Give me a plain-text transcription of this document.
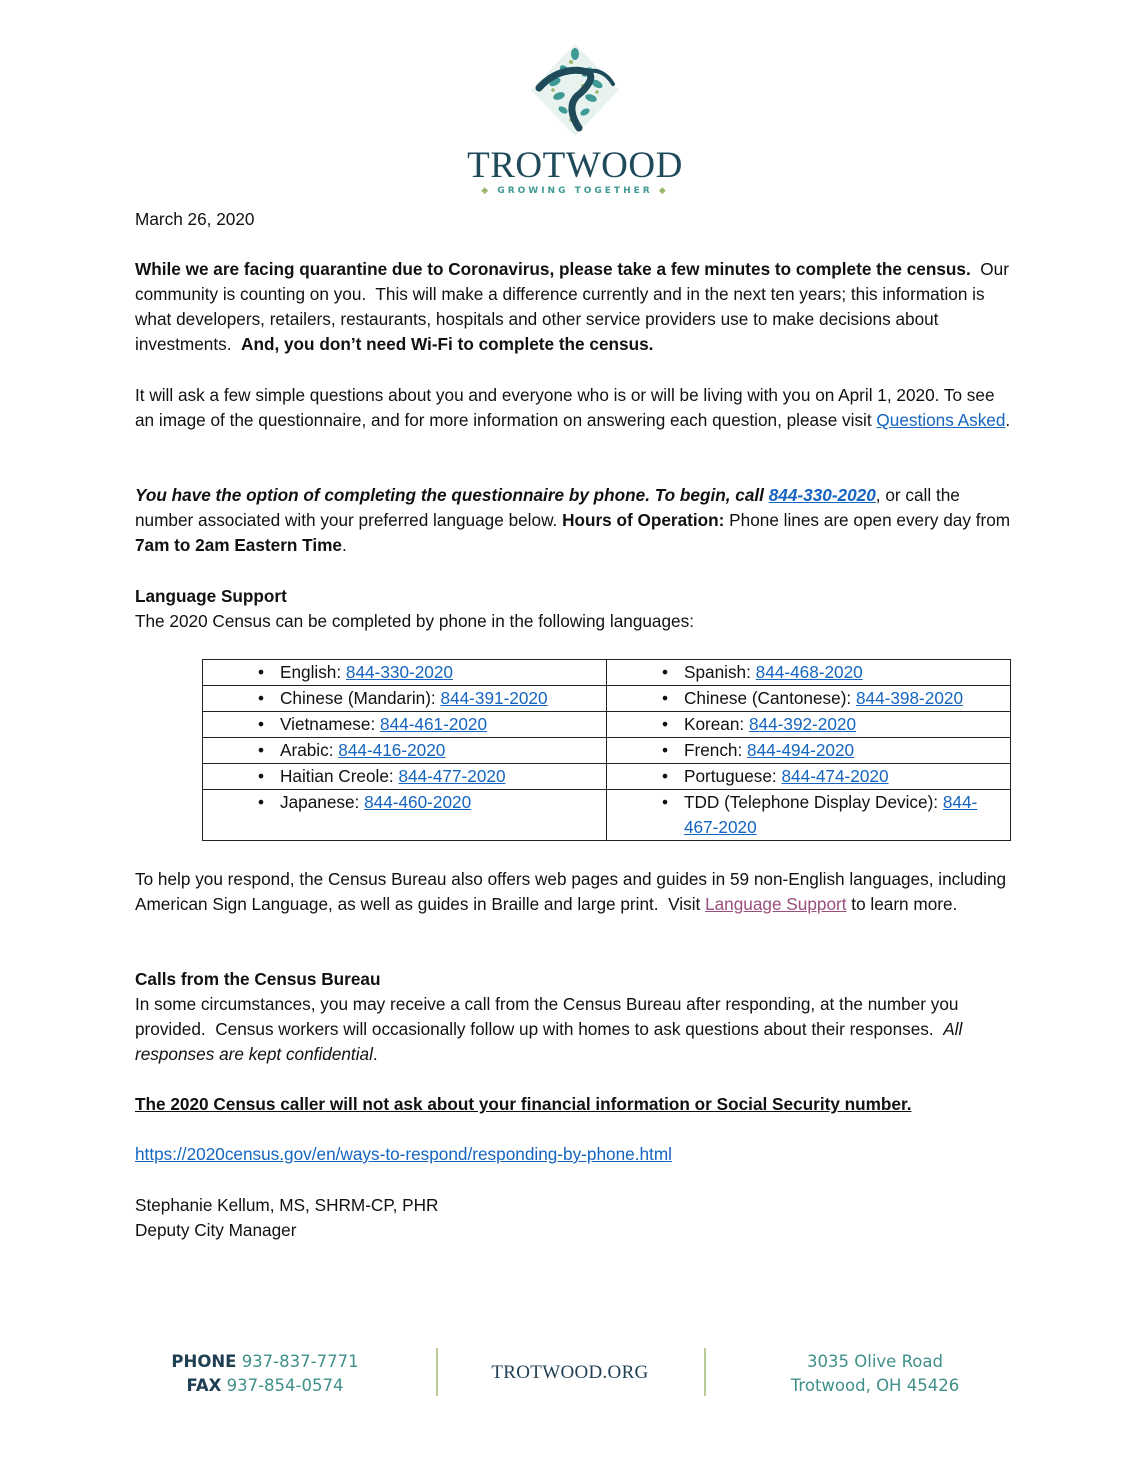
TROTWOOD
◆ GROWING TOGETHER ◆

March 26, 2020

While we are facing quarantine due to Coronavirus, please take a few minutes to complete the census.  Our community is counting on you.  This will make a difference currently and in the next ten years; this information is what developers, retailers, restaurants, hospitals and other service providers use to make decisions about investments.  And, you don’t need Wi-Fi to complete the census.

It will ask a few simple questions about you and everyone who is or will be living with you on April 1, 2020. To see an image of the questionnaire, and for more information on answering each question, please visit Questions Asked.

You have the option of completing the questionnaire by phone. To begin, call 844-330-2020, or call the number associated with your preferred language below. Hours of Operation: Phone lines are open every day from 7am to 2am Eastern Time.

Language Support

The 2020 Census can be completed by phone in the following languages:

• English: 844-330-2020	• Spanish: 844-468-2020

• Chinese (Mandarin): 844-391-2020	• Chinese (Cantonese): 844-398-2020

• Vietnamese: 844-461-2020	• Korean: 844-392-2020

• Arabic: 844-416-2020	• French: 844-494-2020

• Haitian Creole: 844-477-2020	• Portuguese: 844-474-2020

• Japanese: 844-460-2020	• TDD (Telephone Display Device): 844-467-2020

To help you respond, the Census Bureau also offers web pages and guides in 59 non-English languages, including American Sign Language, as well as guides in Braille and large print.  Visit Language Support to learn more.

Calls from the Census Bureau

In some circumstances, you may receive a call from the Census Bureau after responding, at the number you provided.  Census workers will occasionally follow up with homes to ask questions about their responses.  All responses are kept confidential.

The 2020 Census caller will not ask about your financial information or Social Security number.

https://2020census.gov/en/ways-to-respond/responding-by-phone.html

Stephanie Kellum, MS, SHRM-CP, PHR

Deputy City Manager

PHONE 937-837-7771
FAX 937-854-0574
TROTWOOD.ORG
3035 Olive Road
Trotwood, OH 45426
